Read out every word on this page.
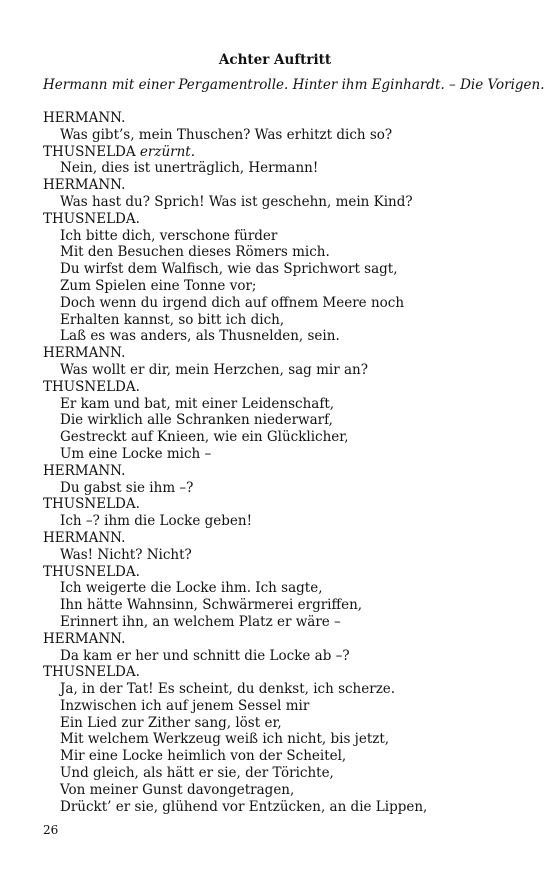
Achter Auftritt
Hermann mit einer Pergamentrolle. Hinter ihm Eginhardt. – Die Vorigen.
HERMANN.
Was gibt’s, mein Thuschen? Was erhitzt dich so?
THUSNELDA erzürnt.
Nein, dies ist unerträglich, Hermann!
HERMANN.
Was hast du? Sprich! Was ist geschehn, mein Kind?
THUSNELDA.
Ich bitte dich, verschone fürder
Mit den Besuchen dieses Römers mich.
Du wirfst dem Walfisch, wie das Sprichwort sagt,
Zum Spielen eine Tonne vor;
Doch wenn du irgend dich auf offnem Meere noch
Erhalten kannst, so bitt ich dich,
Laß es was anders, als Thusnelden, sein.
HERMANN.
Was wollt er dir, mein Herzchen, sag mir an?
THUSNELDA.
Er kam und bat, mit einer Leidenschaft,
Die wirklich alle Schranken niederwarf,
Gestreckt auf Knieen, wie ein Glücklicher,
Um eine Locke mich –
HERMANN.
Du gabst sie ihm –?
THUSNELDA.
Ich –? ihm die Locke geben!
HERMANN.
Was! Nicht? Nicht?
THUSNELDA.
Ich weigerte die Locke ihm. Ich sagte,
Ihn hätte Wahnsinn, Schwärmerei ergriffen,
Erinnert ihn, an welchem Platz er wäre –
HERMANN.
Da kam er her und schnitt die Locke ab –?
THUSNELDA.
Ja, in der Tat! Es scheint, du denkst, ich scherze.
Inzwischen ich auf jenem Sessel mir
Ein Lied zur Zither sang, löst er,
Mit welchem Werkzeug weiß ich nicht, bis jetzt,
Mir eine Locke heimlich von der Scheitel,
Und gleich, als hätt er sie, der Törichte,
Von meiner Gunst davongetragen,
Drückt’ er sie, glühend vor Entzücken, an die Lippen,
26
